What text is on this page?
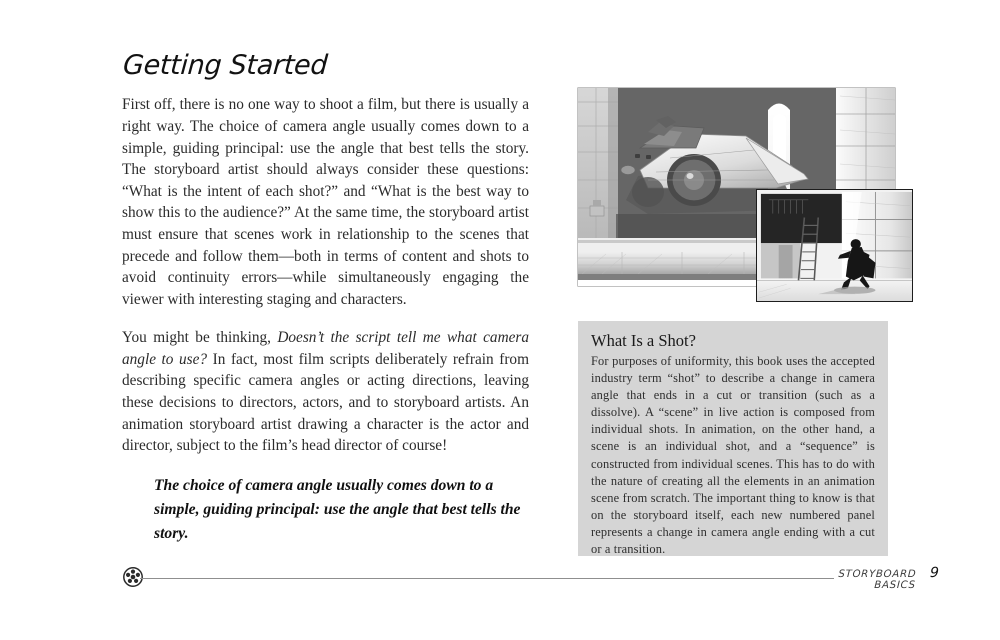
Getting Started

First off, there is no one way to shoot a film, but there is usually a right way. The choice of camera angle usually comes down to a simple, guiding principal: use the angle that best tells the story. The storyboard artist should always consider these questions: “What is the intent of each shot?” and “What is the best way to show this to the audience?” At the same time, the storyboard artist must ensure that scenes work in relationship to the scenes that precede and follow them—both in terms of content and shots to avoid continuity errors—while simultaneously engaging the viewer with interesting staging and characters.

You might be thinking, Doesn’t the script tell me what camera angle to use? In fact, most film scripts deliberately refrain from describing specific camera angles or acting directions, leaving these decisions to directors, actors, and to storyboard artists. An animation storyboard artist drawing a character is the actor and director, subject to the film’s head director of course!

The choice of camera angle usually comes down to a simple, guiding principal: use the angle that best tells the story.

What Is a Shot?

For purposes of uniformity, this book uses the accepted industry term “shot” to describe a change in camera angle that ends in a cut or transition (such as a dissolve). A “scene” in live action is composed from individual shots. In animation, on the other hand, a scene is an individual shot, and a “sequence” is constructed from individual scenes. This has to do with the nature of creating all the elements in an animation scene from scratch. The important thing to know is that on the storyboard itself, each new numbered panel represents a change in camera angle ending with a cut or a transition.

STORYBOARD BASICS
9
